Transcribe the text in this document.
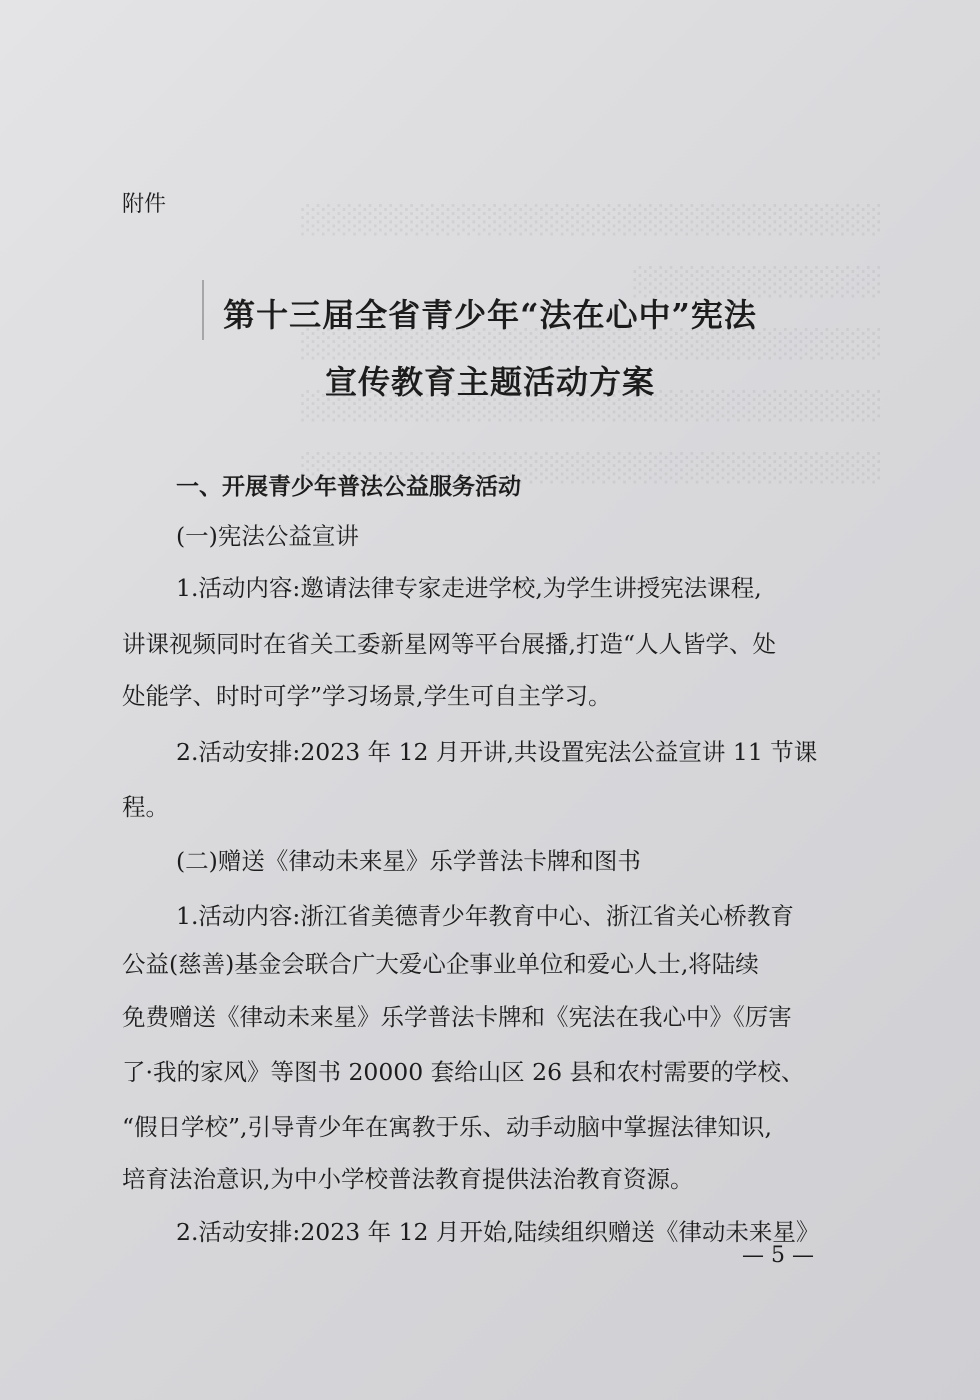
░░░░░░░░░░░░░░░░░░░░░░░░░░░░
░░░░░░░░░░░░
░░░░░░░░░░░░░░░░░░░░░░░░░░░░
░░░░░░░░░░░░░░░░░░░░░░░░░░░░
░░░░░░░░░░░░░░░░░░░░░░░░░░░░
附件
第十三届全省青少年“法在心中”宪法
宣传教育主题活动方案
一、开展青少年普法公益服务活动
(一)宪法公益宣讲
1.活动内容:邀请法律专家走进学校,为学生讲授宪法课程,
讲课视频同时在省关工委新星网等平台展播,打造“人人皆学、处
处能学、时时可学”学习场景,学生可自主学习。
2.活动安排:2023 年 12 月开讲,共设置宪法公益宣讲 11 节课
程。
(二)赠送《律动未来星》乐学普法卡牌和图书
1.活动内容:浙江省美德青少年教育中心、浙江省关心桥教育
公益(慈善)基金会联合广大爱心企事业单位和爱心人士,将陆续
免费赠送《律动未来星》乐学普法卡牌和《宪法在我心中》《厉害
了·我的家风》等图书 20000 套给山区 26 县和农村需要的学校、
“假日学校”,引导青少年在寓教于乐、动手动脑中掌握法律知识,
培育法治意识,为中小学校普法教育提供法治教育资源。
2.活动安排:2023 年 12 月开始,陆续组织赠送《律动未来星》
— 5 —
